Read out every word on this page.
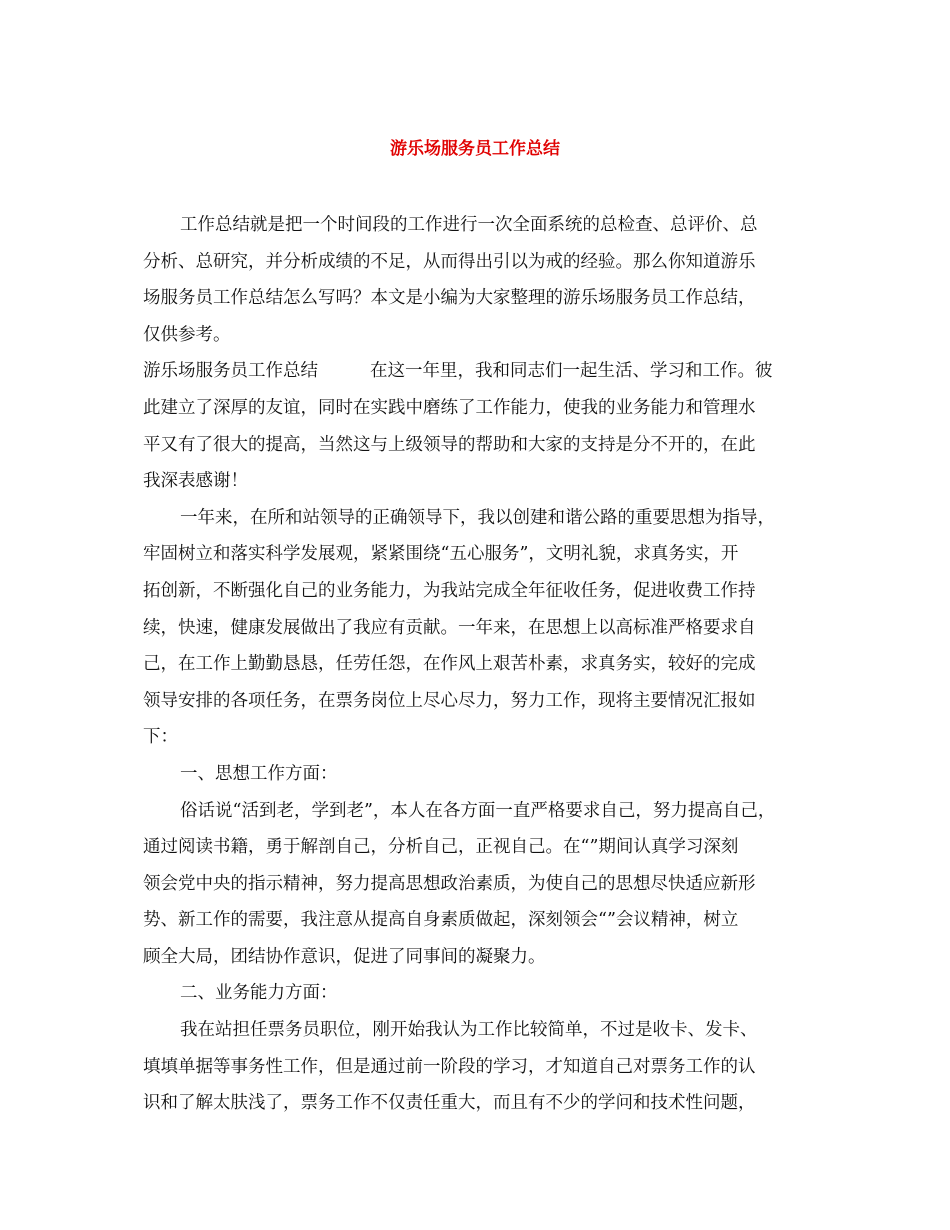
游乐场服务员工作总结
工作总结就是把一个时间段的工作进行一次全面系统的总检查、总评价、总
分析、总研究，并分析成绩的不足，从而得出引以为戒的经验。那么你知道游乐
场服务员工作总结怎么写吗？本文是小编为大家整理的游乐场服务员工作总结，
仅供参考。
游乐场服务员工作总结	在这一年里，我和同志们一起生活、学习和工作。彼
此建立了深厚的友谊，同时在实践中磨练了工作能力，使我的业务能力和管理水
平又有了很大的提高，当然这与上级领导的帮助和大家的支持是分不开的，在此
我深表感谢！
一年来，在所和站领导的正确领导下，我以创建和谐公路的重要思想为指导，
牢固树立和落实科学发展观，紧紧围绕“五心服务”，文明礼貌，求真务实，开
拓创新，不断强化自己的业务能力，为我站完成全年征收任务，促进收费工作持
续，快速，健康发展做出了我应有贡献。一年来，在思想上以高标准严格要求自
己，在工作上勤勤恳恳，任劳任怨，在作风上艰苦朴素，求真务实，较好的完成
领导安排的各项任务，在票务岗位上尽心尽力，努力工作，现将主要情况汇报如
下：
一、思想工作方面：
俗话说“活到老，学到老”，本人在各方面一直严格要求自己，努力提高自己，
通过阅读书籍，勇于解剖自己，分析自己，正视自己。在“”期间认真学习深刻
领会党中央的指示精神，努力提高思想政治素质，为使自己的思想尽快适应新形
势、新工作的需要，我注意从提高自身素质做起，深刻领会“”会议精神，树立
顾全大局，团结协作意识，促进了同事间的凝聚力。
二、业务能力方面：
我在站担任票务员职位，刚开始我认为工作比较简单，不过是收卡、发卡、
填填单据等事务性工作，但是通过前一阶段的学习，才知道自己对票务工作的认
识和了解太肤浅了，票务工作不仅责任重大，而且有不少的学问和技术性问题，
